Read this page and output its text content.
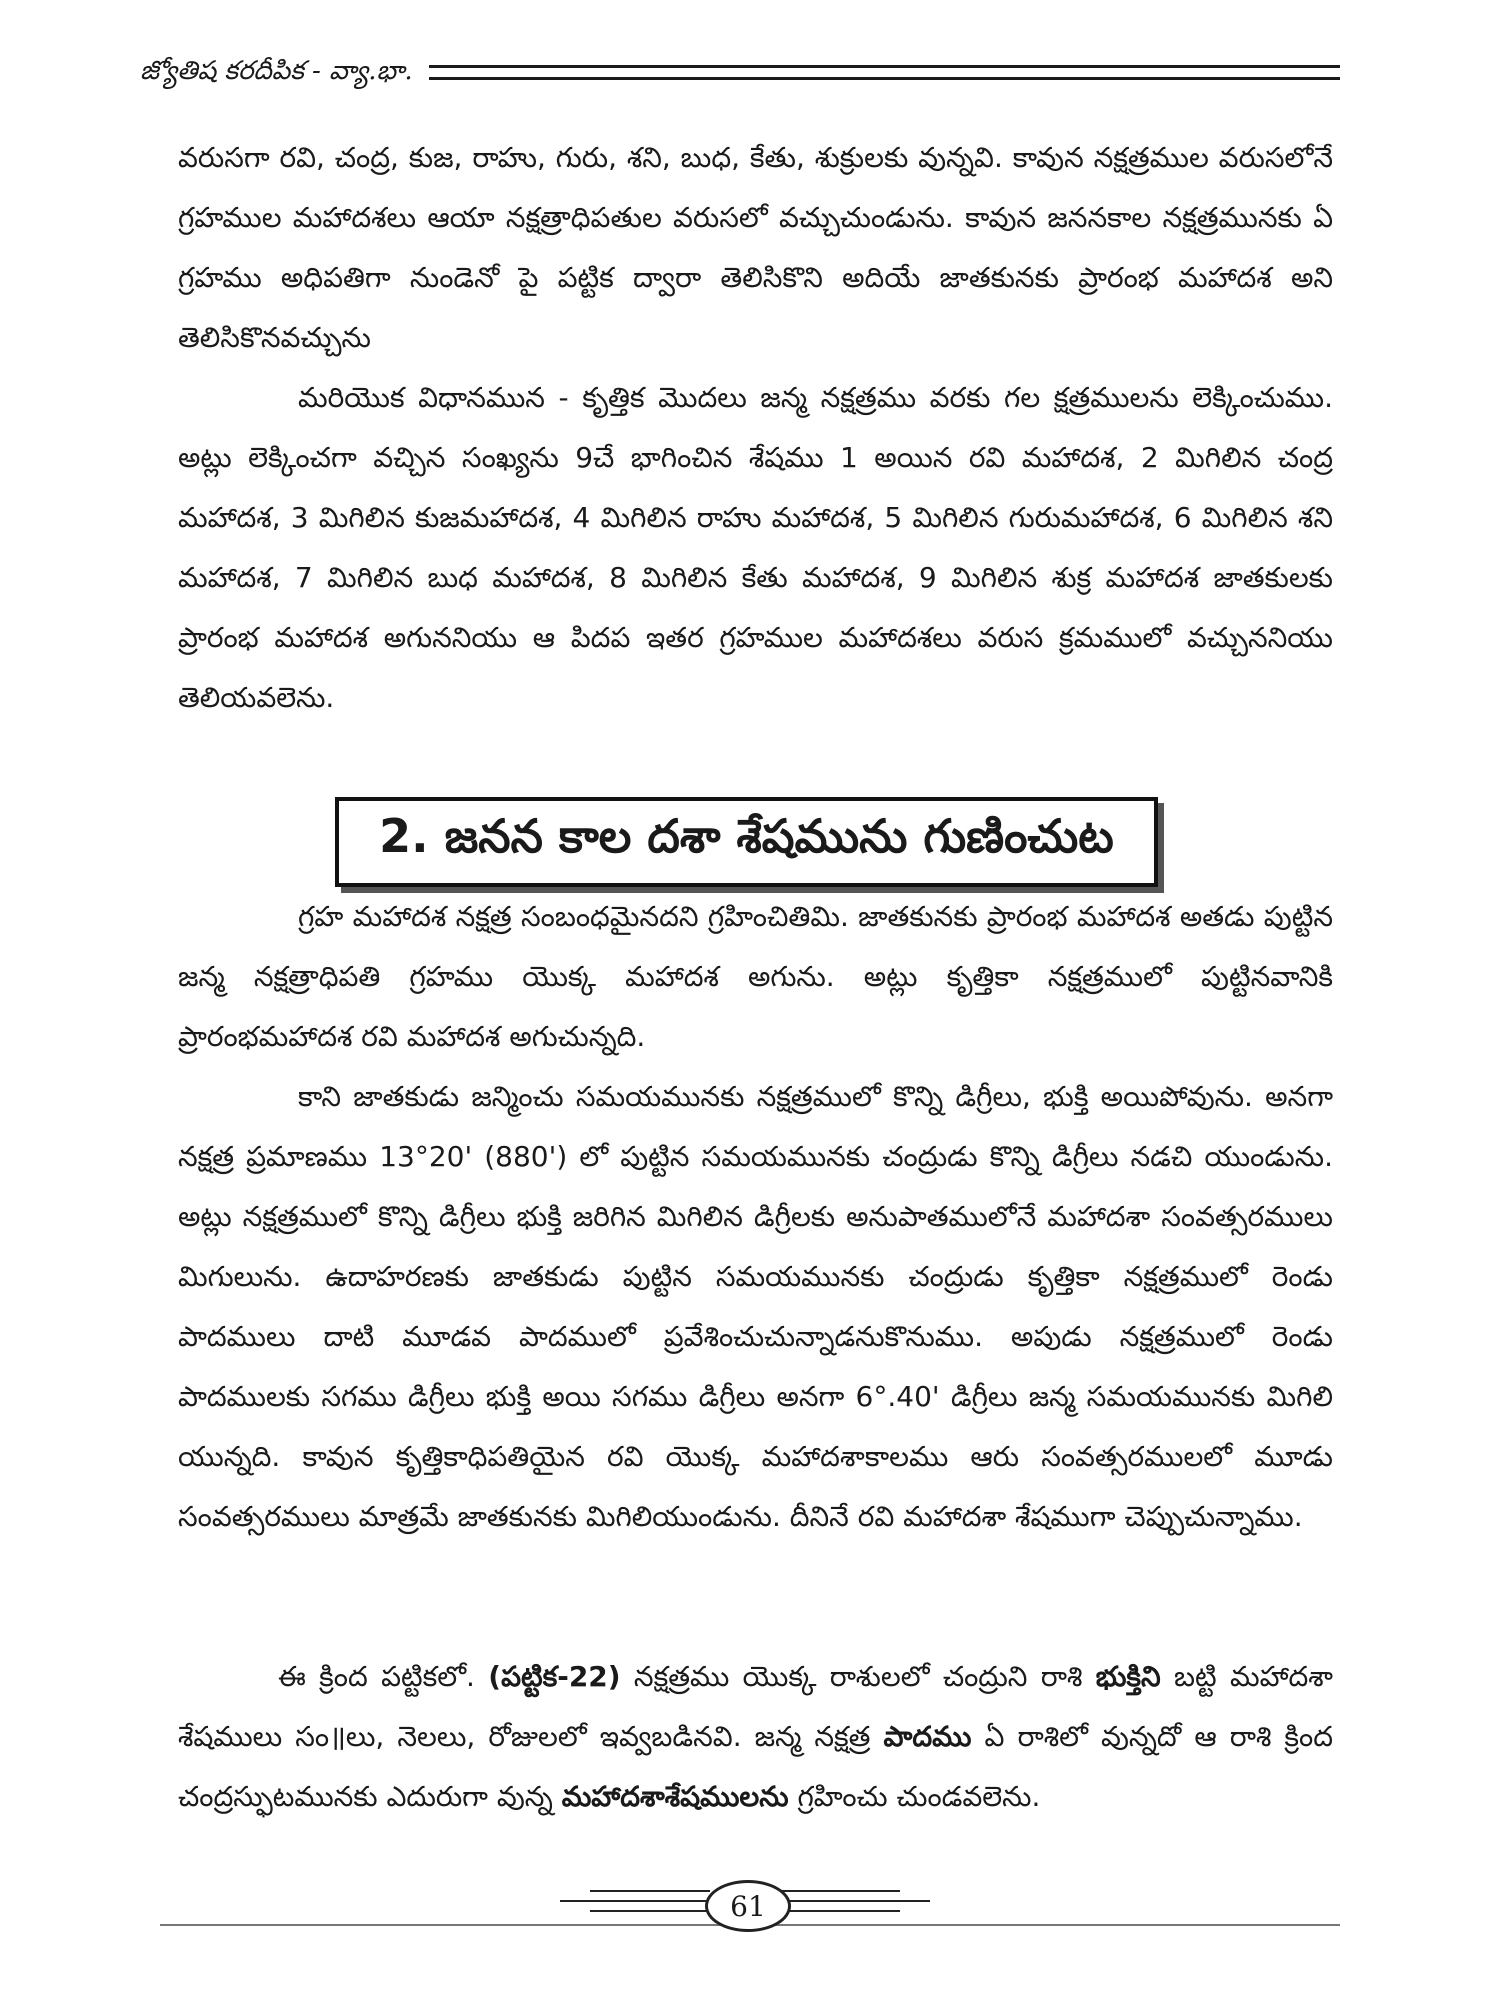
జ్యోతిష కరదీపిక - వ్యా.భా.

వరుసగా రవి, చంద్ర, కుజ, రాహు, గురు, శని, బుధ, కేతు, శుక్రులకు వున్నవి. కావున నక్షత్రముల వరుసలోనే గ్రహముల మహాదశలు ఆయా నక్షత్రాధిపతుల వరుసలో వచ్చుచుండును. కావున జననకాల నక్షత్రమునకు ఏ గ్రహము అధిపతిగా నుండెనో పై పట్టిక ద్వారా తెలిసికొని అదియే జాతకునకు ప్రారంభ మహాదశ అని తెలిసికొనవచ్చును

మరియొక విధానమున - కృత్తిక మొదలు జన్మ నక్షత్రము వరకు గల క్షత్రములను లెక్కించుము. అట్లు లెక్కించగా వచ్చిన సంఖ్యను 9చే భాగించిన శేషము 1 అయిన రవి మహాదశ, 2 మిగిలిన చంద్ర మహాదశ, 3 మిగిలిన కుజమహాదశ, 4 మిగిలిన రాహు మహాదశ, 5 మిగిలిన గురుమహాదశ, 6 మిగిలిన శని మహాదశ, 7 మిగిలిన బుధ మహాదశ, 8 మిగిలిన కేతు మహాదశ, 9 మిగిలిన శుక్ర మహాదశ జాతకులకు ప్రారంభ మహాదశ అగుననియు ఆ పిదప ఇతర గ్రహముల మహాదశలు వరుస క్రమములో వచ్చుననియు తెలియవలెను.

2. జనన కాల దశా శేషమును గుణించుట

గ్రహ మహాదశ నక్షత్ర సంబంధమైనదని గ్రహించితిమి. జాతకునకు ప్రారంభ మహాదశ అతడు పుట్టిన జన్మ నక్షత్రాధిపతి గ్రహము యొక్క మహాదశ అగును. అట్లు కృత్తికా నక్షత్రములో పుట్టినవానికి ప్రారంభమహాదశ రవి మహాదశ అగుచున్నది.

కాని జాతకుడు జన్మించు సమయమునకు నక్షత్రములో కొన్ని డిగ్రీలు, భుక్తి అయిపోవును. అనగా నక్షత్ర ప్రమాణము 13°20' (880') లో పుట్టిన సమయమునకు చంద్రుడు కొన్ని డిగ్రీలు నడచి యుండును. అట్లు నక్షత్రములో కొన్ని డిగ్రీలు భుక్తి జరిగిన మిగిలిన డిగ్రీలకు అనుపాతములోనే మహాదశా సంవత్సరములు మిగులును. ఉదాహరణకు జాతకుడు పుట్టిన సమయమునకు చంద్రుడు కృత్తికా నక్షత్రములో రెండు పాదములు దాటి మూడవ పాదములో ప్రవేశించుచున్నాడనుకొనుము. అపుడు నక్షత్రములో రెండు పాదములకు సగము డిగ్రీలు భుక్తి అయి సగము డిగ్రీలు అనగా 6°.40' డిగ్రీలు జన్మ సమయమునకు మిగిలి యున్నది. కావున కృత్తికాధిపతియైన రవి యొక్క మహాదశాకాలము ఆరు సంవత్సరములలో మూడు సంవత్సరములు మాత్రమే జాతకునకు మిగిలియుండును. దీనినే రవి మహాదశా శేషముగా చెప్పుచున్నాము.

ఈ క్రింద పట్టికలో. (పట్టిక-22) నక్షత్రము యొక్క రాశులలో చంద్రుని రాశి భుక్తిని బట్టి మహాదశా శేషములు సం॥లు, నెలలు, రోజులలో ఇవ్వబడినవి. జన్మ నక్షత్ర పాదము ఏ రాశిలో వున్నదో ఆ రాశి క్రింద చంద్రస్ఫుటమునకు ఎదురుగా వున్న మహాదశాశేషములను గ్రహించు చుండవలెను.

61
